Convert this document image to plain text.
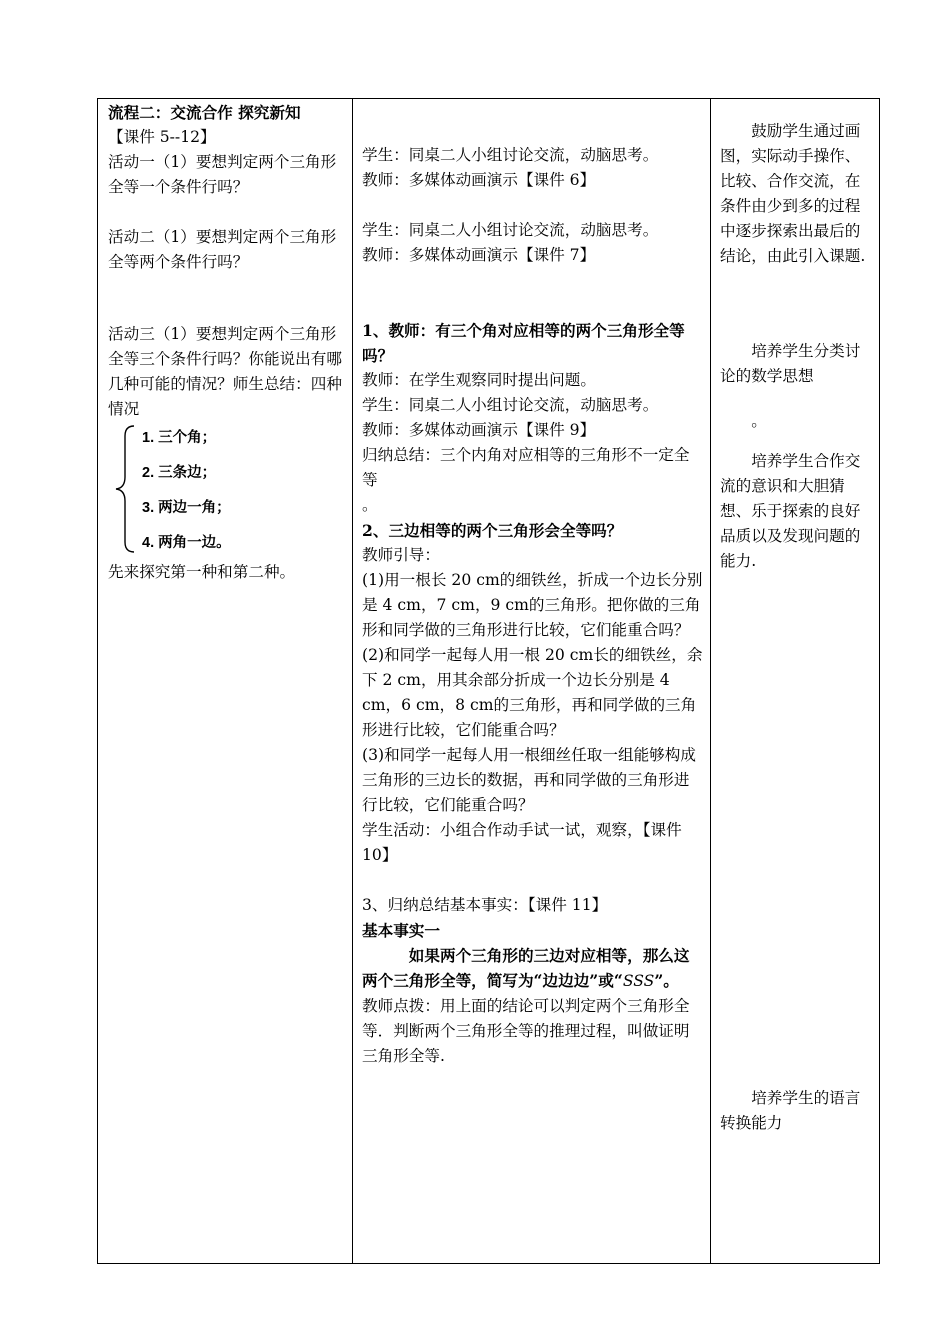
流程二：交流合作 探究新知

【课件 5--12】

活动一（1）要想判定两个三角形全等一个条件行吗？

活动二（1）要想判定两个三角形全等两个条件行吗？

活动三（1）要想判定两个三角形全等三个条件行吗？你能说出有哪几种可能的情况？师生总结：四种情况

1. 三个角；
2. 三条边；
3. 两边一角；
4. 两角一边。

先来探究第一种和第二种。

学生：同桌二人小组讨论交流，动脑思考。

教师：多媒体动画演示【课件 6】

学生：同桌二人小组讨论交流，动脑思考。

教师：多媒体动画演示【课件 7】

1、教师：有三个角对应相等的两个三角形全等吗？

教师：在学生观察同时提出问题。

学生：同桌二人小组讨论交流，动脑思考。

教师：多媒体动画演示【课件 9】

归纳总结：三个内角对应相等的三角形不一定全等

。

2、三边相等的两个三角形会全等吗？

教师引导：

(1)用一根长 20 cm的细铁丝，折成一个边长分别是 4 cm，7 cm，9 cm的三角形。把你做的三角形和同学做的三角形进行比较，它们能重合吗？

(2)和同学一起每人用一根 20 cm长的细铁丝，余下 2 cm，用其余部分折成一个边长分别是 4 cm，6 cm，8 cm的三角形，再和同学做的三角形进行比较，它们能重合吗？

(3)和同学一起每人用一根细丝任取一组能够构成三角形的三边长的数据，再和同学做的三角形进行比较，它们能重合吗？

学生活动：小组合作动手试一试，观察，【课件 10】

3、归纳总结基本事实：【课件 11】

基本事实一

如果两个三角形的三边对应相等，那么这两个三角形全等，简写为“边边边”或“SSS”。

教师点拨：用上面的结论可以判定两个三角形全等．判断两个三角形全等的推理过程，叫做证明三角形全等.

鼓励学生通过画图，实际动手操作、比较、合作交流，在条件由少到多的过程中逐步探索出最后的结论，由此引入课题.

培养学生分类讨论的数学思想

。

培养学生合作交流的意识和大胆猜想、乐于探索的良好品质以及发现问题的能力.

培养学生的语言转换能力
